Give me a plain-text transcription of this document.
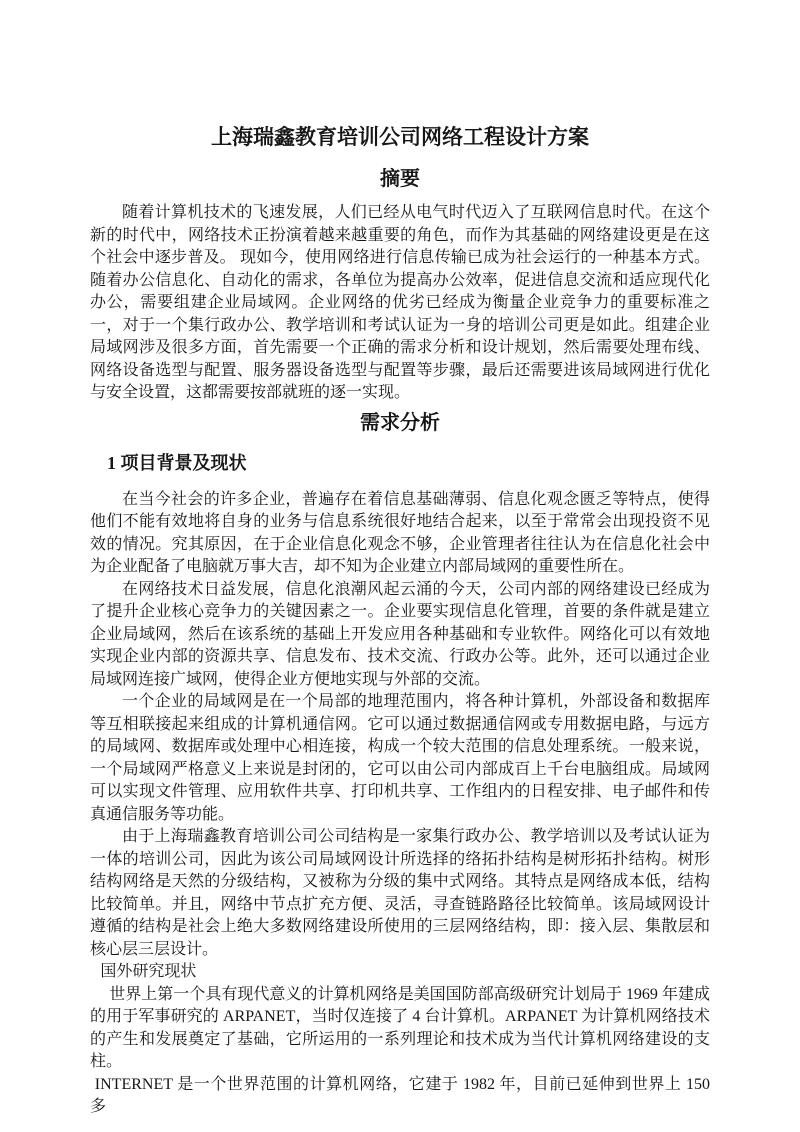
上海瑞鑫教育培训公司网络工程设计方案
摘要

随着计算机技术的飞速发展，人们已经从电气时代迈入了互联网信息时代。在这个新的时代中，网络技术正扮演着越来越重要的角色，而作为其基础的网络建设更是在这个社会中逐步普及。 现如今，使用网络进行信息传输已成为社会运行的一种基本方式。随着办公信息化、自动化的需求，各单位为提高办公效率，促进信息交流和适应现代化办公，需要组建企业局域网。企业网络的优劣已经成为衡量企业竞争力的重要标准之一，对于一个集行政办公、教学培训和考试认证为一身的培训公司更是如此。组建企业局域网涉及很多方面，首先需要一个正确的需求分析和设计规划，然后需要处理布线、网络设备选型与配置、服务器设备选型与配置等步骤，最后还需要进该局域网进行优化与安全设置，这都需要按部就班的逐一实现。

需求分析
1 项目背景及现状

在当今社会的许多企业，普遍存在着信息基础薄弱、信息化观念匮乏等特点，使得他们不能有效地将自身的业务与信息系统很好地结合起来，以至于常常会出现投资不见效的情况。究其原因，在于企业信息化观念不够，企业管理者往往认为在信息化社会中为企业配备了电脑就万事大吉，却不知为企业建立内部局域网的重要性所在。

在网络技术日益发展，信息化浪潮风起云涌的今天，公司内部的网络建设已经成为了提升企业核心竞争力的关键因素之一。企业要实现信息化管理，首要的条件就是建立企业局域网，然后在该系统的基础上开发应用各种基础和专业软件。网络化可以有效地实现企业内部的资源共享、信息发布、技术交流、行政办公等。此外，还可以通过企业局域网连接广域网，使得企业方便地实现与外部的交流。

一个企业的局域网是在一个局部的地理范围内，将各种计算机，外部设备和数据库等互相联接起来组成的计算机通信网。它可以通过数据通信网或专用数据电路，与远方的局域网、数据库或处理中心相连接，构成一个较大范围的信息处理系统。一般来说，一个局域网严格意义上来说是封闭的，它可以由公司内部成百上千台电脑组成。局域网可以实现文件管理、应用软件共享、打印机共享、工作组内的日程安排、电子邮件和传真通信服务等功能。

由于上海瑞鑫教育培训公司公司结构是一家集行政办公、教学培训以及考试认证为一体的培训公司，因此为该公司局域网设计所选择的络拓扑结构是树形拓扑结构。树形结构网络是天然的分级结构，又被称为分级的集中式网络。其特点是网络成本低，结构比较简单。并且，网络中节点扩充方便、灵活，寻查链路路径比较简单。该局域网设计遵循的结构是社会上绝大多数网络建设所使用的三层网络结构，即：接入层、集散层和核心层三层设计。

国外研究现状

世界上第一个具有现代意义的计算机网络是美国国防部高级研究计划局于 1969 年建成的用于军事研究的 ARPANET，当时仅连接了 4 台计算机。ARPANET 为计算机网络技术的产生和发展奠定了基础，它所运用的一系列理论和技术成为当代计算机网络建设的支柱。

INTERNET 是一个世界范围的计算机网络，它建于 1982 年，目前已延伸到世界上 150 多
